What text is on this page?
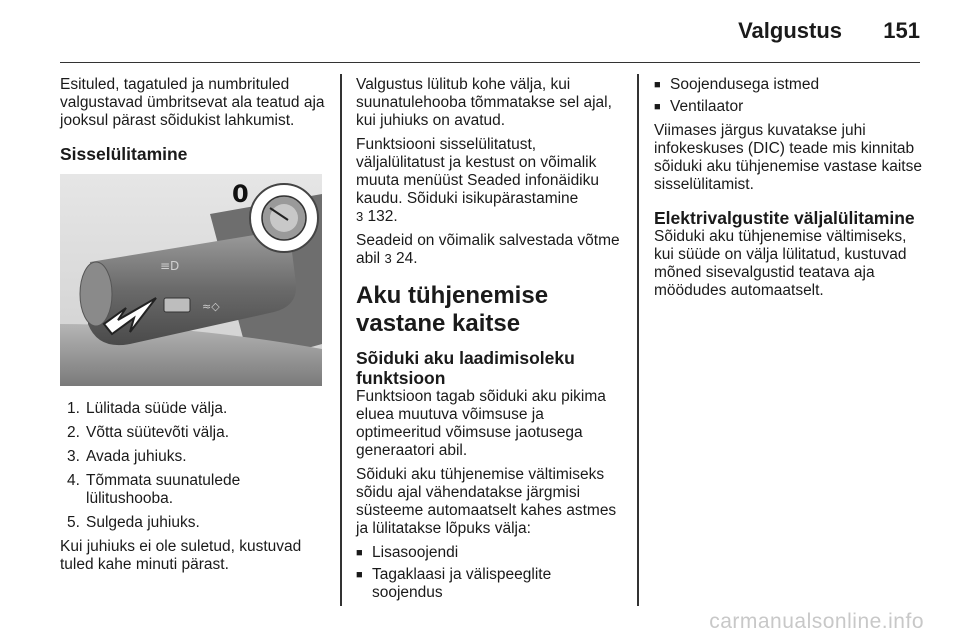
Valgustus 151

Esituled, tagatuled ja numbrituled valgustavad ümbritsevat ala teatud aja jooksul pärast sõidukist lahkumist.

Sisselülitamine
≡D
≈◇
0
1. Lülitada süüde välja.
2. Võtta süütevõti välja.
3. Avada juhiuks.
4. Tõmmata suunatulede lülitushooba.
5. Sulgeda juhiuks.

Kui juhiuks ei ole suletud, kustuvad tuled kahe minuti pärast.

Valgustus lülitub kohe välja, kui suunatulehooba tõmmatakse sel ajal, kui juhiuks on avatud.

Funktsiooni sisselülitatust, väljalülitatust ja kestust on võimalik muuta menüüst Seaded infonäidiku kaudu. Sõiduki isikupärastamine
3 132.

Seadeid on võimalik salvestada võtme abil 3 24.

Aku tühjenemise vastane kaitse
Sõiduki aku laadimisoleku funktsioon

Funktsioon tagab sõiduki aku pikima eluea muutuva võimsuse ja optimeeritud võimsuse jaotusega generaatori abil.

Sõiduki aku tühjenemise vältimiseks sõidu ajal vähendatakse järgmisi süsteeme automaatselt kahes astmes ja lülitatakse lõpuks välja:

■ Lisasoojendi
■ Tagaklaasi ja välispeeglite soojendus
■ Soojendusega istmed
■ Ventilaator

Viimases järgus kuvatakse juhi infokeskuses (DIC) teade mis kinnitab sõiduki aku tühjenemise vastase kaitse sisselülitamist.

Elektrivalgustite väljalülitamine

Sõiduki aku tühjenemise vältimiseks, kui süüde on välja lülitatud, kustuvad mõned sisevalgustid teatava aja möödudes automaatselt.

carmanualsonline.info
